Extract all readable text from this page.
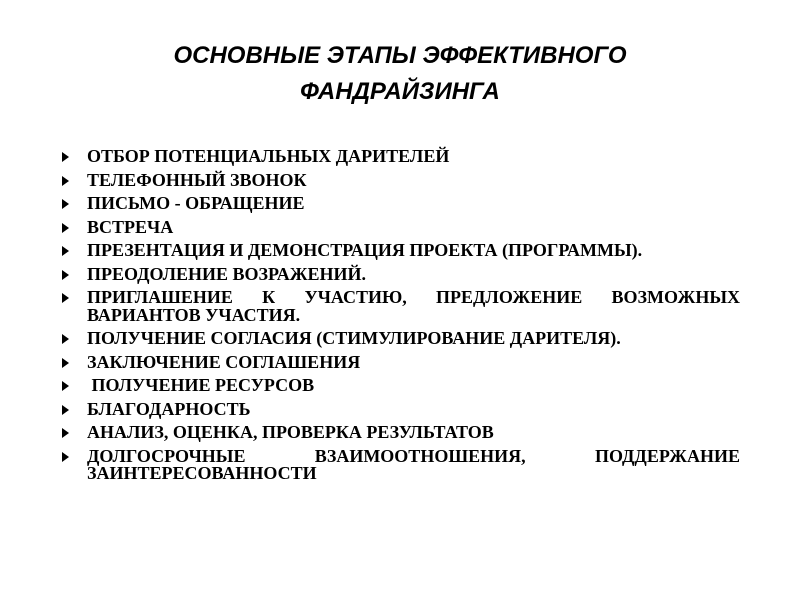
ОСНОВНЫЕ ЭТАПЫ ЭФФЕКТИВНОГО
ФАНДРАЙЗИНГА
ОТБОР ПОТЕНЦИАЛЬНЫХ ДАРИТЕЛЕЙ
ТЕЛЕФОННЫЙ ЗВОНОК
ПИСЬМО - ОБРАЩЕНИЕ
ВСТРЕЧА
ПРЕЗЕНТАЦИЯ И ДЕМОНСТРАЦИЯ ПРОЕКТА (ПРОГРАММЫ).
ПРЕОДОЛЕНИЕ ВОЗРАЖЕНИЙ.
ПРИГЛАШЕНИЕ К УЧАСТИЮ, ПРЕДЛОЖЕНИЕ ВОЗМОЖНЫХ ВАРИАНТОВ УЧАСТИЯ.
ПОЛУЧЕНИЕ СОГЛАСИЯ (СТИМУЛИРОВАНИЕ ДАРИТЕЛЯ).
ЗАКЛЮЧЕНИЕ СОГЛАШЕНИЯ
ПОЛУЧЕНИЕ РЕСУРСОВ
БЛАГОДАРНОСТЬ
АНАЛИЗ, ОЦЕНКА, ПРОВЕРКА РЕЗУЛЬТАТОВ
ДОЛГОСРОЧНЫЕ ВЗАИМООТНОШЕНИЯ, ПОДДЕРЖАНИЕ ЗАИНТЕРЕСОВАННОСТИ
